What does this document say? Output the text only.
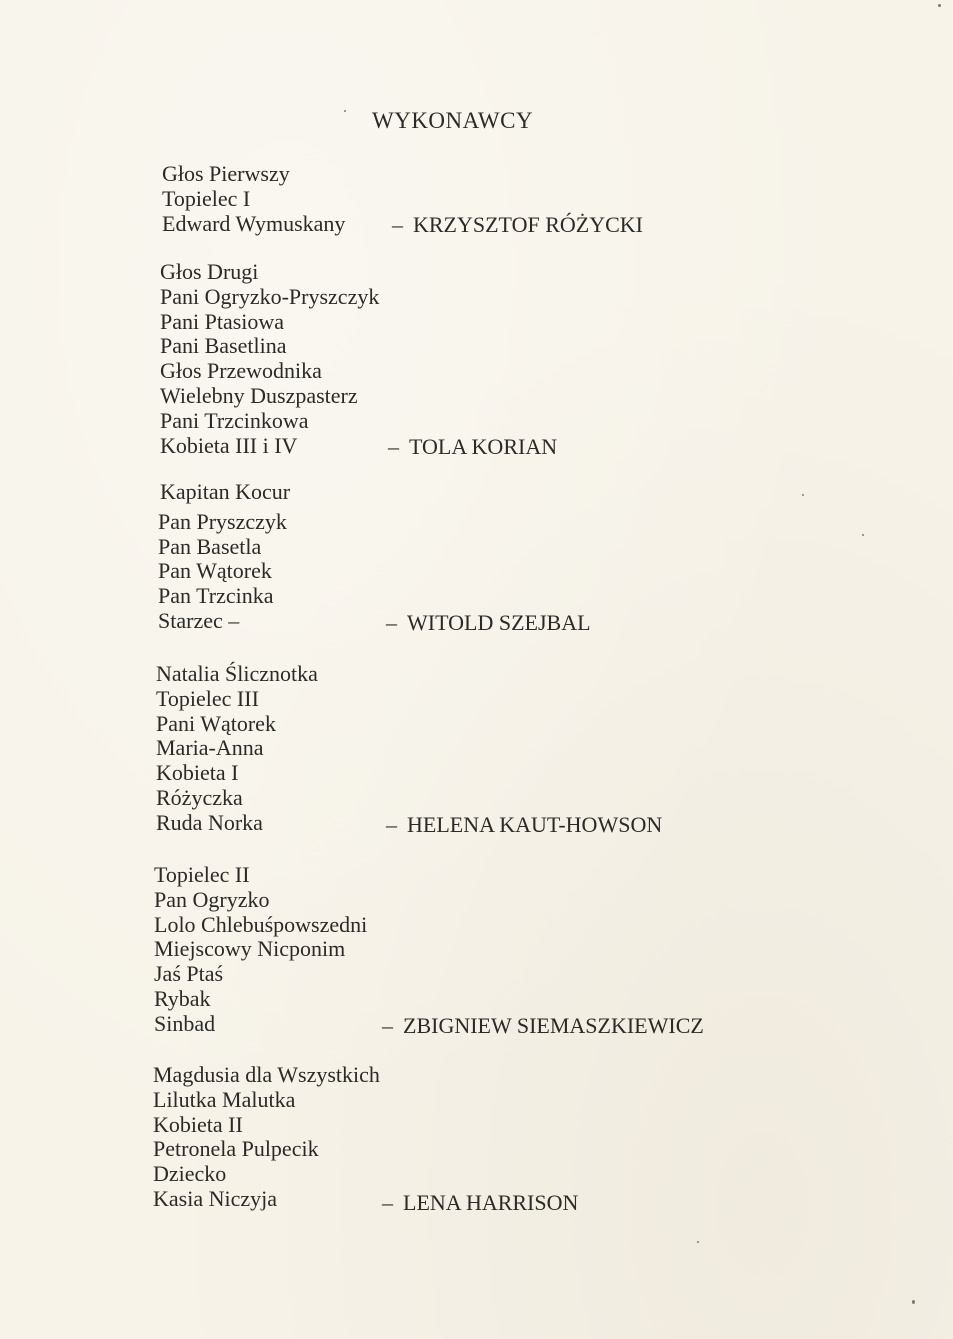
WYKONAWCY
Głos Pierwszy
Topielec I
Edward Wymuskany – KRZYSZTOF RÓŻYCKI
Głos Drugi
Pani Ogryzko-Pryszczyk
Pani Ptasiowa
Pani Basetlina
Głos Przewodnika
Wielebny Duszpasterz
Pani Trzcinkowa
Kobieta III i IV	– TOLA KORIAN
Kapitan Kocur
Pan Pryszczyk
Pan Basetla
Pan Wątorek
Pan Trzcinka
Starzec –	– WITOLD SZEJBAL
Natalia Ślicznotka
Topielec III
Pani Wątorek
Maria-Anna
Kobieta I
Różyczka
Ruda Norka	– HELENA KAUT-HOWSON
Topielec II
Pan Ogryzko
Lolo Chlebuśpowszedni
Miejscowy Nicponim
Jaś Ptaś
Rybak
Sinbad	– ZBIGNIEW SIEMASZKIEWICZ
Magdusia dla Wszystkich
Lilutka Malutka
Kobieta II
Petronela Pulpecik
Dziecko
Kasia Niczyja	– LENA HARRISON
